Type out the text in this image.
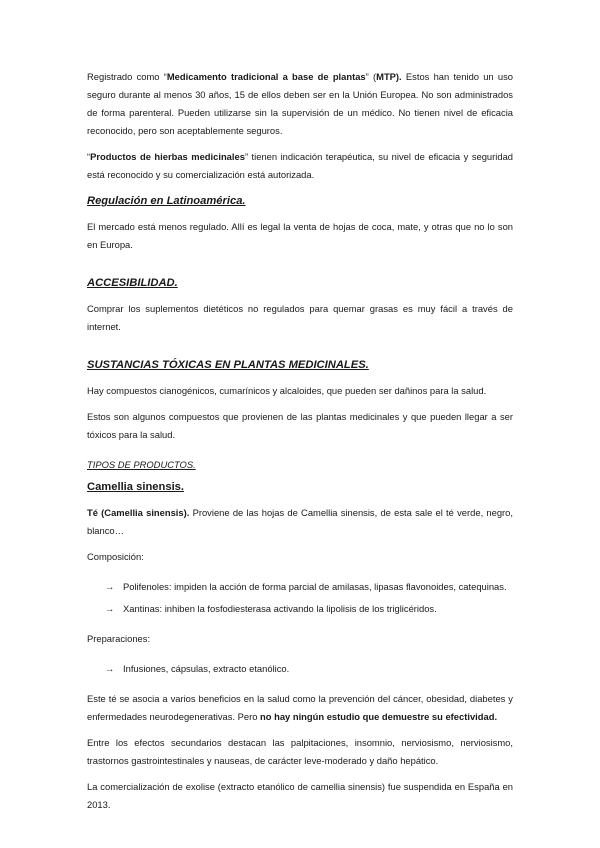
Registrado como “Medicamento tradicional a base de plantas” (MTP). Estos han tenido un uso seguro durante al menos 30 años, 15 de ellos deben ser en la Unión Europea. No son administrados de forma parenteral. Pueden utilizarse sin la supervisión de un médico. No tienen nivel de eficacia reconocido, pero son aceptablemente seguros.

“Productos de hierbas medicinales” tienen indicación terapéutica, su nivel de eficacia y seguridad está reconocido y su comercialización está autorizada.

Regulación en Latinoamérica.

El mercado está menos regulado. Allí es legal la venta de hojas de coca, mate, y otras que no lo son en Europa.

ACCESIBILIDAD.

Comprar los suplementos dietéticos no regulados para quemar grasas es muy fácil a través de internet.

SUSTANCIAS TÓXICAS EN PLANTAS MEDICINALES.

Hay compuestos cianogénicos, cumarínicos y alcaloides, que pueden ser dañinos para la salud.

Estos son algunos compuestos que provienen de las plantas medicinales y que pueden llegar a ser tóxicos para la salud.

TIPOS DE PRODUCTOS.

Camellia sinensis.

Té (Camellia sinensis). Proviene de las hojas de Camellia sinensis, de esta sale el té verde, negro, blanco…

Composición:

→ Polifenoles: impiden la acción de forma parcial de amilasas, lipasas flavonoides, catequinas.
→ Xantinas: inhiben la fosfodiesterasa activando la lipolisis de los triglicéridos.

Preparaciones:

→ Infusiones, cápsulas, extracto etanólico.

Este té se asocia a varios beneficios en la salud como la prevención del cáncer, obesidad, diabetes y enfermedades neurodegenerativas. Pero no hay ningún estudio que demuestre su efectividad.

Entre los efectos secundarios destacan las palpitaciones, insomnio, nerviosismo, nerviosismo, trastornos gastrointestinales y nauseas, de carácter leve-moderado y daño hepático.

La comercialización de exolise (extracto etanólico de camellia sinensis) fue suspendida en España en 2013.
